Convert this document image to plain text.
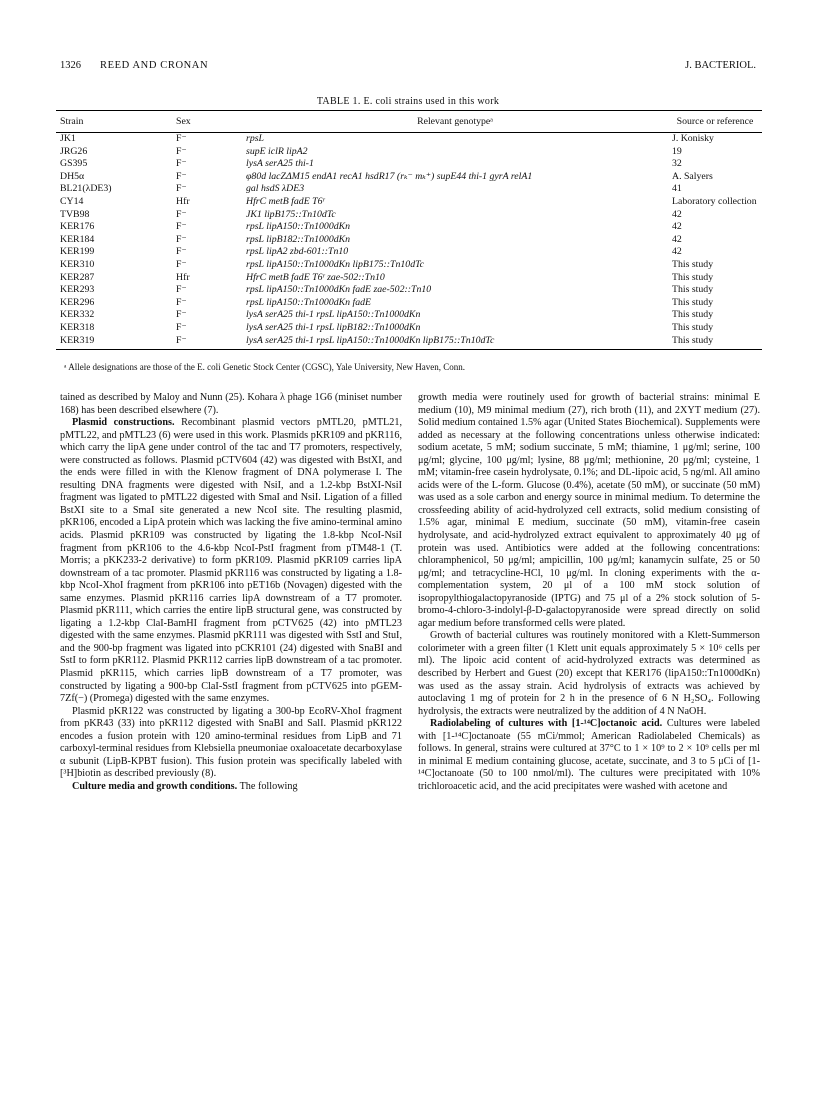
1326 REED AND CRONAN	J. BACTERIOL.
TABLE 1. E. coli strains used in this work
Strain	Sex	Relevant genotypeᵃ	Source or reference
JK1	F⁻	rpsL	J. Konisky
JRG26	F⁻	supE iclR lipA2	19
GS395	F⁻	lysA serA25 thi-1	32
DH5α	F⁻	φ80d lacZΔM15 endA1 recA1 hsdR17 (rₖ⁻ mₖ⁺) supE44 thi-1 gyrA relA1	A. Salyers
BL21(λDE3)	F⁻	gal hsdS λDE3	41
CY14	Hfr	HfrC metB fadE T6ʳ	Laboratory collection
TVB98	F⁻	JK1 lipB175::Tn10dTc	42
KER176	F⁻	rpsL lipA150::Tn1000dKn	42
KER184	F⁻	rpsL lipB182::Tn1000dKn	42
KER199	F⁻	rpsL lipA2 zbd-601::Tn10	42
KER310	F⁻	rpsL lipA150::Tn1000dKn lipB175::Tn10dTc	This study
KER287	Hfr	HfrC metB fadE T6ʳ zae-502::Tn10	This study
KER293	F⁻	rpsL lipA150::Tn1000dKn fadE zae-502::Tn10	This study
KER296	F⁻	rpsL lipA150::Tn1000dKn fadE	This study
KER332	F⁻	lysA serA25 thi-1 rpsL lipA150::Tn1000dKn	This study
KER318	F⁻	lysA serA25 thi-1 rpsL lipB182::Tn1000dKn	This study
KER319	F⁻	lysA serA25 thi-1 rpsL lipA150::Tn1000dKn lipB175::Tn10dTc	This study
ᵃ Allele designations are those of the E. coli Genetic Stock Center (CGSC), Yale University, New Haven, Conn.

tained as described by Maloy and Nunn (25). Kohara λ phage 1G6 (miniset number 168) has been described elsewhere (7).

Plasmid constructions. Recombinant plasmid vectors pMTL20, pMTL21, pMTL22, and pMTL23 (6) were used in this work. Plasmids pKR109 and pKR116, which carry the lipA gene under control of the tac and T7 promoters, respectively, were constructed as follows. Plasmid pCTV604 (42) was digested with BstXI, and the ends were filled in with the Klenow fragment of DNA polymerase I. The resulting DNA fragments were digested with NsiI, and a 1.2-kbp BstXI-NsiI fragment was ligated to pMTL22 digested with SmaI and NsiI. Ligation of a filled BstXI site to a SmaI site generated a new NcoI site. The resulting plasmid, pKR106, encoded a LipA protein which was lacking the five amino-terminal amino acids. Plasmid pKR109 was constructed by ligating the 1.8-kbp NcoI-NsiI fragment from pKR106 to the 4.6-kbp NcoI-PstI fragment from pTM48-1 (T. Morris; a pKK233-2 derivative) to form pKR109. Plasmid pKR109 carries lipA downstream of a tac promoter. Plasmid pKR116 was constructed by ligating a 1.8-kbp NcoI-XhoI fragment from pKR106 into pET16b (Novagen) digested with the same enzymes. Plasmid pKR116 carries lipA downstream of a T7 promoter. Plasmid pKR111, which carries the entire lipB structural gene, was constructed by ligating a 1.2-kbp ClaI-BamHI fragment from pCTV625 (42) into pMTL23 digested with the same enzymes. Plasmid pKR111 was digested with SstI and StuI, and the 900-bp fragment was ligated into pCKR101 (24) digested with SnaBI and SstI to form pKR112. Plasmid PKR112 carries lipB downstream of a tac promoter. Plasmid pKR115, which carries lipB downstream of a T7 promoter, was constructed by ligating a 900-bp ClaI-SstI fragment from pCTV625 into pGEM-7Zf(−) (Promega) digested with the same enzymes.

Plasmid pKR122 was constructed by ligating a 300-bp EcoRV-XhoI fragment from pKR43 (33) into pKR112 digested with SnaBI and SalI. Plasmid pKR122 encodes a fusion protein with 120 amino-terminal residues from LipB and 71 carboxyl-terminal residues from Klebsiella pneumoniae oxaloacetate decarboxylase α subunit (LipB-KPBT fusion). This fusion protein was specifically labeled with [³H]biotin as described previously (8).

Culture media and growth conditions. The following

growth media were routinely used for growth of bacterial strains: minimal E medium (10), M9 minimal medium (27), rich broth (11), and 2XYT medium (27). Solid medium contained 1.5% agar (United States Biochemical). Supplements were added as necessary at the following concentrations unless otherwise indicated: sodium acetate, 5 mM; sodium succinate, 5 mM; thiamine, 1 μg/ml; serine, 100 μg/ml; glycine, 100 μg/ml; lysine, 88 μg/ml; methionine, 20 μg/ml; cysteine, 1 mM; vitamin-free casein hydrolysate, 0.1%; and DL-lipoic acid, 5 ng/ml. All amino acids were of the L-form. Glucose (0.4%), acetate (50 mM), or succinate (50 mM) was used as a sole carbon and energy source in minimal medium. To determine the crossfeeding ability of acid-hydrolyzed cell extracts, solid medium consisting of 1.5% agar, minimal E medium, succinate (50 mM), vitamin-free casein hydrolysate, and acid-hydrolyzed extract equivalent to approximately 40 μg of protein was used. Antibiotics were added at the following concentrations: chloramphenicol, 50 μg/ml; ampicillin, 100 μg/ml; kanamycin sulfate, 25 or 50 μg/ml; and tetracycline-HCl, 10 μg/ml. In cloning experiments with the α-complementation system, 20 μl of a 100 mM stock solution of isopropylthiogalactopyranoside (IPTG) and 75 μl of a 2% stock solution of 5-bromo-4-chloro-3-indolyl-β-D-galactopyranoside were spread directly on solid agar medium before transformed cells were plated.

Growth of bacterial cultures was routinely monitored with a Klett-Summerson colorimeter with a green filter (1 Klett unit equals approximately 5 × 10⁶ cells per ml). The lipoic acid content of acid-hydrolyzed extracts was determined as described by Herbert and Guest (20) except that KER176 (lipA150::Tn1000dKn) was used as the assay strain. Acid hydrolysis of extracts was achieved by autoclaving 1 mg of protein for 2 h in the presence of 6 N H₂SO₄. Following hydrolysis, the extracts were neutralized by the addition of 4 N NaOH.

Radiolabeling of cultures with [1-¹⁴C]octanoic acid. Cultures were labeled with [1-¹⁴C]octanoate (55 mCi/mmol; American Radiolabeled Chemicals) as follows. In general, strains were cultured at 37°C to 1 × 10⁹ to 2 × 10⁹ cells per ml in minimal E medium containing glucose, acetate, succinate, and 3 to 5 μCi of [1-¹⁴C]octanoate (50 to 100 nmol/ml). The cultures were precipitated with 10% trichloroacetic acid, and the acid precipitates were washed with acetone and
